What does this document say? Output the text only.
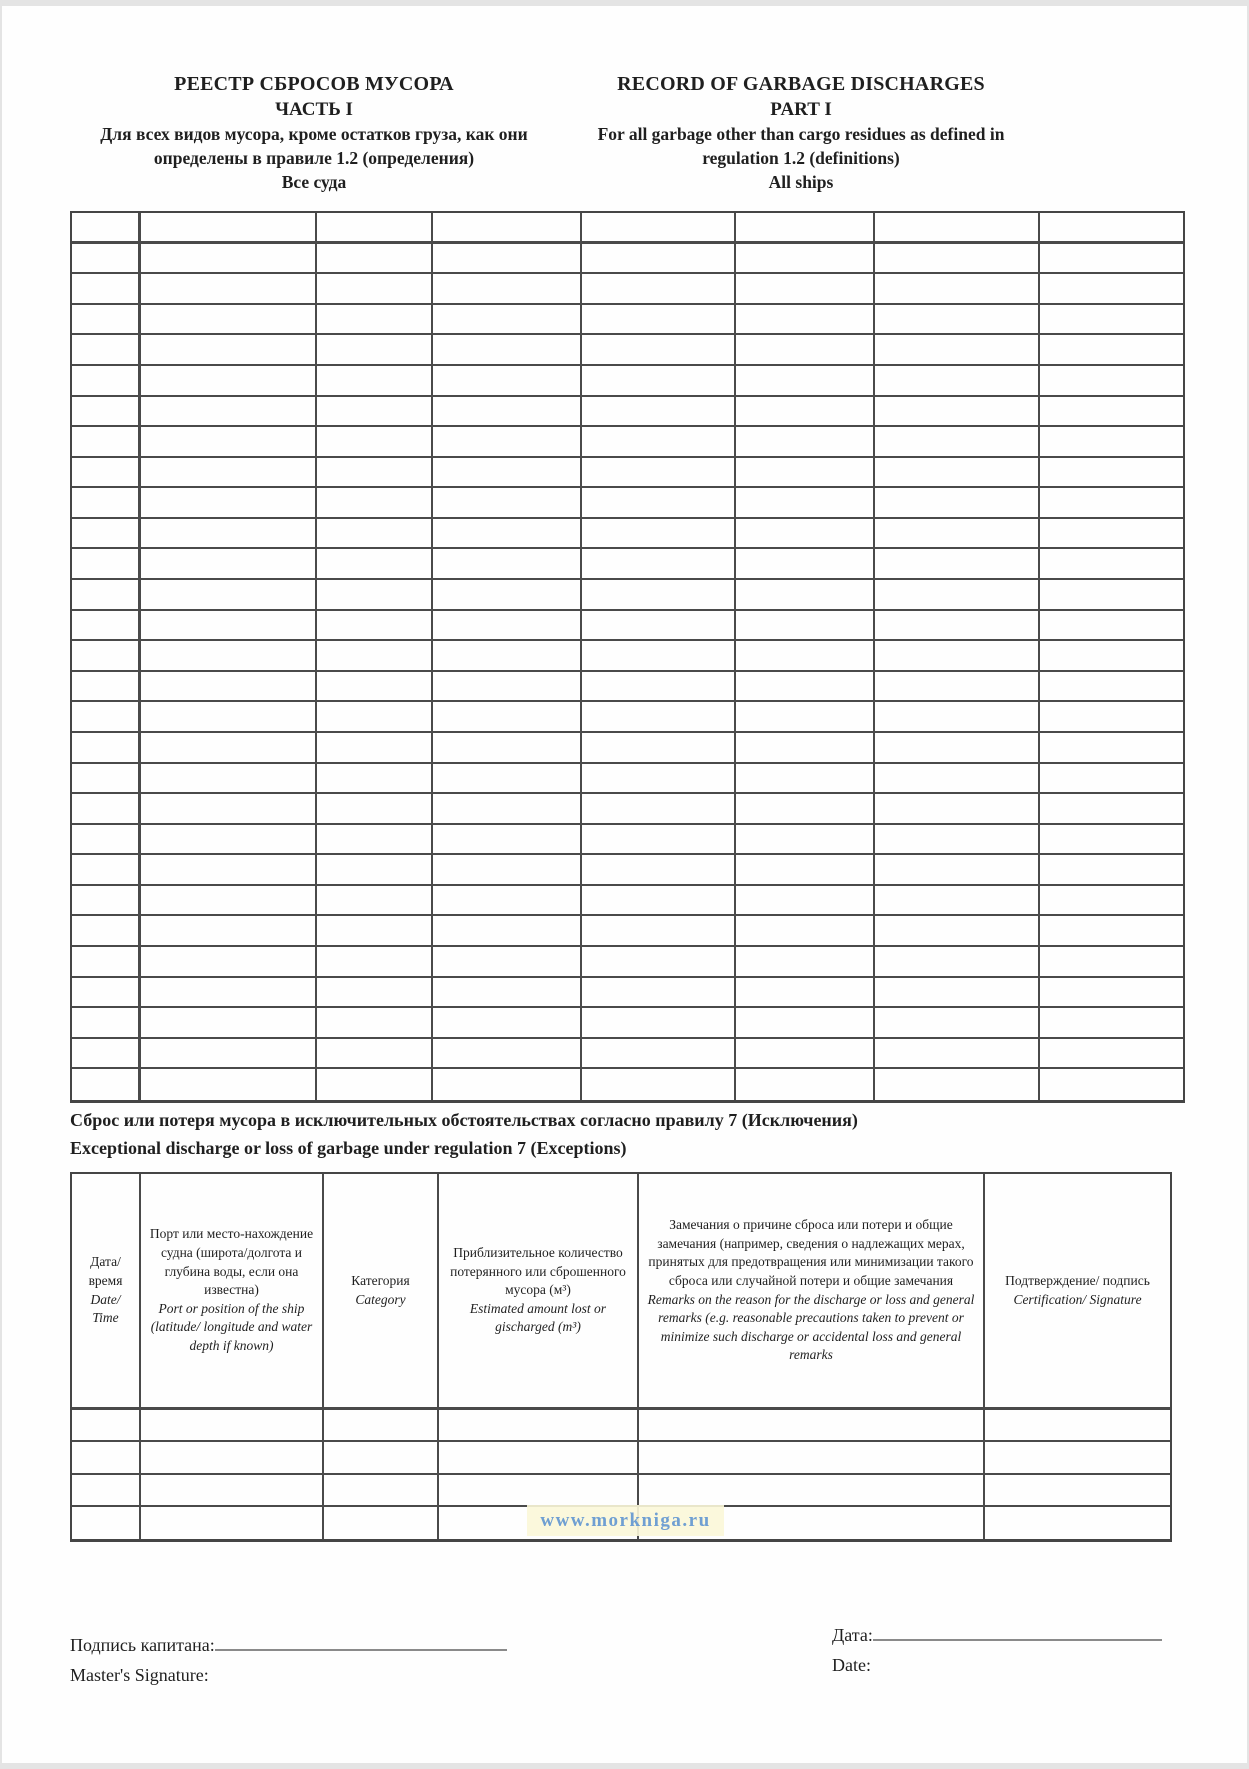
РЕЕСТР СБРОСОВ МУСОРА
ЧАСТЬ I
Для всех видов мусора, кроме остатков груза, как они определены в правиле 1.2 (определения)
Все суда
RECORD OF GARBAGE DISCHARGES
PART I
For all garbage other than cargo residues as defined in regulation 1.2 (definitions)
All ships
Сброс или потеря мусора в исключительных обстоятельствах согласно правилу 7 (Исключения)
Exceptional discharge or loss of garbage under regulation 7 (Exceptions)
Дата/ время
Date/ Time
Порт или место-нахождение судна (широта/долгота и глубина воды, если она известна)
Port or position of the ship (latitude/ longitude and water depth if known)
Категория
Category
Приблизительное количество потерянного или сброшенного мусора (м³)
Estimated amount lost or gischarged (m³)
Замечания о причине сброса или потери и общие замечания (например, сведения о надлежащих мерах, принятых для предотвращения или минимизации такого сброса или случайной потери и общие замечания
Remarks on the reason for the discharge or loss and general remarks (e.g. reasonable precautions taken to prevent or minimize such discharge or accidental loss and general remarks
Подтверждение/ подпись
Certification/ Signature
www.morkniga.ru
Подпись капитана:
Master's Signature:
Дата:
Date:
